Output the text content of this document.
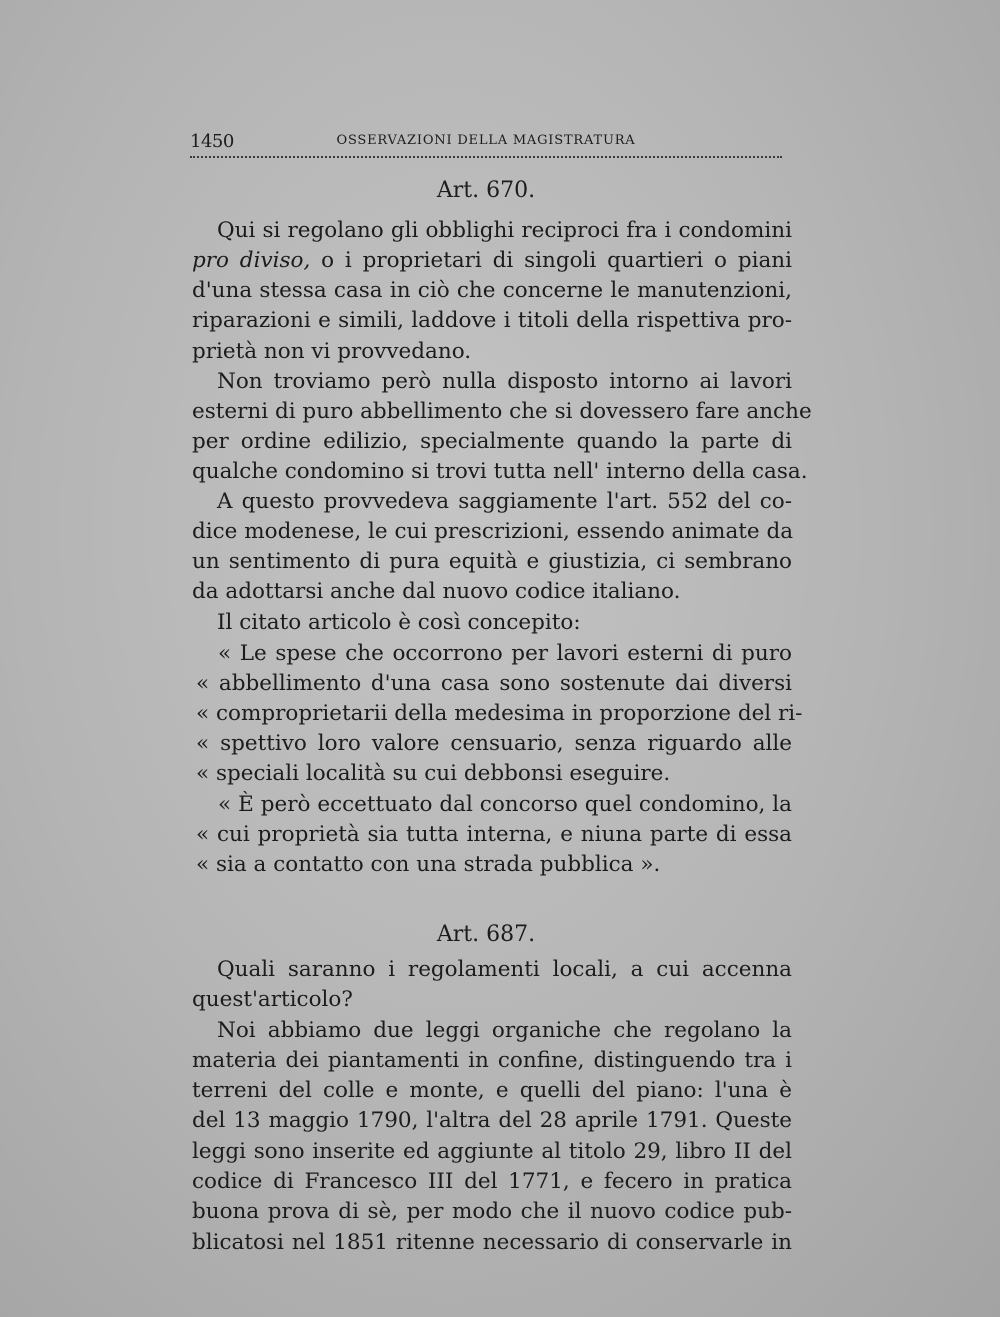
1450	OSSERVAZIONI DELLA MAGISTRATURA
Art. 670.
Qui si regolano gli obblighi reciproci fra i condomini
pro diviso, o i proprietari di singoli quartieri o piani
d'una stessa casa in ciò che concerne le manutenzioni,
riparazioni e simili, laddove i titoli della rispettiva pro-
prietà non vi provvedano.
Non troviamo però nulla disposto intorno ai lavori
esterni di puro abbellimento che si dovessero fare anche
per ordine edilizio, specialmente quando la parte di
qualche condomino si trovi tutta nell' interno della casa.
A questo provvedeva saggiamente l'art. 552 del co-
dice modenese, le cui prescrizioni, essendo animate da
un sentimento di pura equità e giustizia, ci sembrano
da adottarsi anche dal nuovo codice italiano.
Il citato articolo è così concepito:
« Le spese che occorrono per lavori esterni di puro
« abbellimento d'una casa sono sostenute dai diversi
« comproprietarii della medesima in proporzione del ri-
« spettivo loro valore censuario, senza riguardo alle
« speciali località su cui debbonsi eseguire.
« È però eccettuato dal concorso quel condomino, la
« cui proprietà sia tutta interna, e niuna parte di essa
« sia a contatto con una strada pubblica ».
Art. 687.
Quali saranno i regolamenti locali, a cui accenna
quest'articolo?
Noi abbiamo due leggi organiche che regolano la
materia dei piantamenti in confine, distinguendo tra i
terreni del colle e monte, e quelli del piano: l'una è
del 13 maggio 1790, l'altra del 28 aprile 1791. Queste
leggi sono inserite ed aggiunte al titolo 29, libro II del
codice di Francesco III del 1771, e fecero in pratica
buona prova di sè, per modo che il nuovo codice pub-
blicatosi nel 1851 ritenne necessario di conservarle in
